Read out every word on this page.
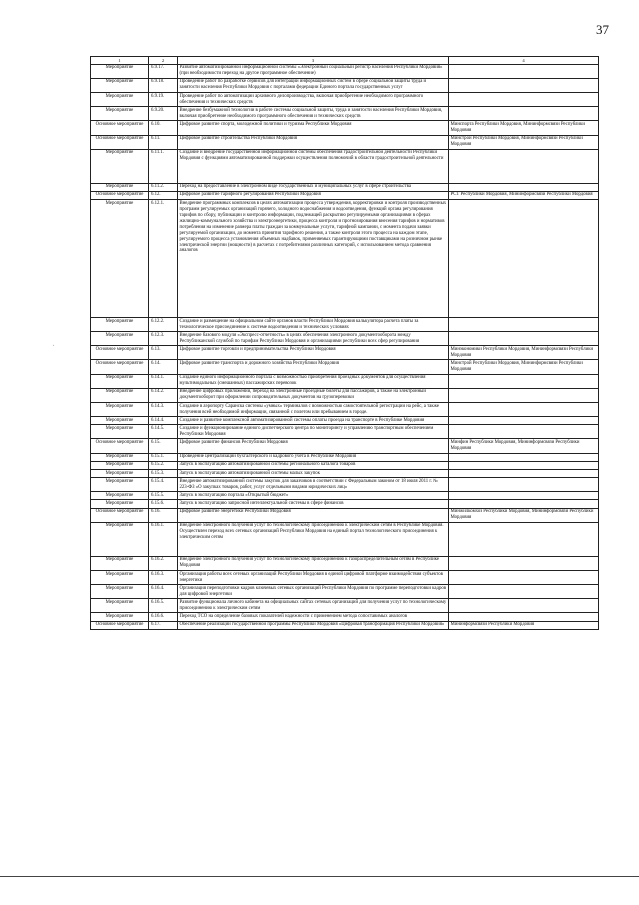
37
1	2	3	4
Мероприятие	6.9.17.	Развитие автоматизированной информационной системы «Электронный социальный регистр населения Республики Мордовия» (при необходимости переход на другое программное обеспечение)	
Мероприятие	6.9.18.	Проведение работ по разработке сервисов для интеграции информационных систем в сфере социальной защиты труда и занятости населения Республики Мордовия с порталами федерации Единого портала государственных услуг	
Мероприятие	6.9.19.	Проведение работ по автоматизации архивного делопроизводства, включая приобретение необходимого программного обеспечения и технических средств	
Мероприятие	6.9.20.	Внедрение безбумажной технологии в работе системы социальной защиты, труда и занятости населения Республики Мордовия, включая приобретение необходимого программного обеспечения и технических средств	
Основное мероприятие	6.10.	Цифровое развитие спорта, молодежной политики и туризма Республики Мордовия	Минспорта Республики Мордовия, Мининформсвязи Республики Мордовия
Основное мероприятие	6.11.	Цифровое развитие строительства Республики Мордовия	Минстрой Республики Мордовия, Мининформсвязи Республики Мордовия
Мероприятие	6.11.1.	Создание и внедрение государственной информационной системы обеспечения градостроительной деятельности Республики Мордовия с функциями автоматизированной поддержки осуществления полномочий в области градостроительной деятельности	
Мероприятие	6.11.2.	Переход на предоставление в электронном виде государственных и муниципальных услуг в сфере строительства	
Основное мероприятие	6.12.	Цифровое развитие тарифного регулирования Республики Мордовия	РСТ Республики Мордовия, Мининформсвязи Республики Мордовия
Мероприятие	6.12.1.	Внедрение программных комплексов в целях автоматизации процесса утверждения, корректировки и контроля производственных программ регулируемых организаций горячего, холодного водоснабжения и водоотведения, функций органа регулирования тарифов по сбору, публикации и контролю информации, подлежащей раскрытию регулируемыми организациями в сферах жилищно-коммунального хозяйства и электроэнергетики, процесса контроля и прогнозирования внесения тарифов и нормативов потребления на изменение размера платы граждан за коммунальные услуги, тарифной кампании, с момента подачи заявки регулируемой организации, до момента принятия тарифного решения, а также контроля этого процесса на каждом этапе, регулируемого процесса установления объемных надбавок, применяемых гарантирующими поставщиками на розничном рынке электрической энергии (мощности) в расчетах с потребителями различных категорий, с использованием метода сравнения аналогов	
Мероприятие	6.12.2.	Создание и размещение на официальном сайте органов власти Республики Мордовия калькулятора расчета платы за технологическое присоединение к системе водоотведения и технических условиях	
Мероприятие	6.12.3.	Внедрение базового модуля «Экспресс-отчетность» в целях обеспечения электронного документооборота между Республиканской службой по тарифам Республики Мордовия и организациями республики всех сфер регулирования	
Основное мероприятие	6.13.	Цифровое развитие торговли и предпринимательства Республики Мордовия	Минэкономики Республики Мордовия, Мининформсвязи Республики Мордовия
Основное мероприятие	6.14.	Цифровое развитие транспорта и дорожного хозяйства Республики Мордовия	Минстрой Республики Мордовия, Мининформсвязи Республики Мордовия
Мероприятие	6.14.1.	Создание единого информационного портала с возможностью приобретения проездных документов для осуществления мультимодальных (смешанных) пассажирских перевозок	
Мероприятие	6.14.2.	Внедрение цифровых приложений, переход на электронные проездные билеты для пассажиров, а также на электронный документооборот при оформлении сопроводительных документов на грузоперевозки	
Мероприятие	6.14.3.	Создание в аэропорту Саранска системы «умных» терминалов с возможностью самостоятельной регистрации на рейс, а также получения всей необходимой информации, связанной с полетом или пребыванием в городе.	
Мероприятие	6.14.4.	Создание и развитие комплексной автоматизированной системы оплаты проезда на транспорте в Республике Мордовия	
Мероприятие	6.14.5.	Создание и функционирование единого диспетчерского центра по мониторингу и управлению транспортным обеспечением Республики Мордовия	
Основное мероприятие	6.15.	Цифровое развитие финансов Республики Мордовия	Минфин Республики Мордовия, Мининформсвязи Республики Мордовия
Мероприятие	6.15.1.	Проведение централизации бухгалтерского и кадрового учета в Республике Мордовия	
Мероприятие	6.15.2.	Запуск в эксплуатацию автоматизированной системы регионального каталога товаров	
Мероприятие	6.15.3.	Запуск в эксплуатацию автоматизированной системы малых закупок	
Мероприятие	6.15.4.	Внедрение автоматизированной системы закупок для заказчиков в соответствии с Федеральным законом от 18 июля 2011 г. № 223-ФЗ «О закупках товаров, работ, услуг отдельными видами юридических лиц»	
Мероприятие	6.15.5.	Запуск в эксплуатацию портала «Открытый бюджет»	
Мероприятие	6.15.6.	Запуск в эксплуатацию запросной интеллектуальной системы в сфере финансов	
Основное мероприятие	6.16.	Цифровое развитие энергетики Республики Мордовия	Минжилкомхоз Республики Мордовия, Мининформсвязи Республики Мордовия
Мероприятие	6.16.1.	Внедрение электронного получения услуг по технологическому присоединению к электрическим сетям в Республике Мордовия. Осуществлен переход всех сетевых организаций Республики Мордовия на единый портал технологического присоединения к электрическим сетям	
Мероприятие	6.16.2.	Внедрение электронного получения услуг по технологическому присоединению к газораспределительным сетям в Республике Мордовия	
Мероприятие	6.16.3.	Организация работы всех сетевых организаций Республики Мордовия в единой цифровой платформе взаимодействия субъектов энергетики	
Мероприятие	6.16.4.	Организация переподготовки кадров ключевых сетевых организаций Республики Мордовия по программе переподготовки кадров для цифровой энергетики	
Мероприятие	6.16.5.	Развитие функционала личного кабинета на официальных сайтах сетевых организаций для получения услуг по технологическому присоединению к электрическим сетям	
Мероприятие	6.16.6.	Переход ТСО на определение базовых показателей надежности с применением метода сопоставимых аналогов	
Основное мероприятие	6.17.	Обеспечение реализации государственной программы Республики Мордовия «Цифровая трансформация Республики Мордовия»	Мининформсвязи Республики Мордовия
ˈ
